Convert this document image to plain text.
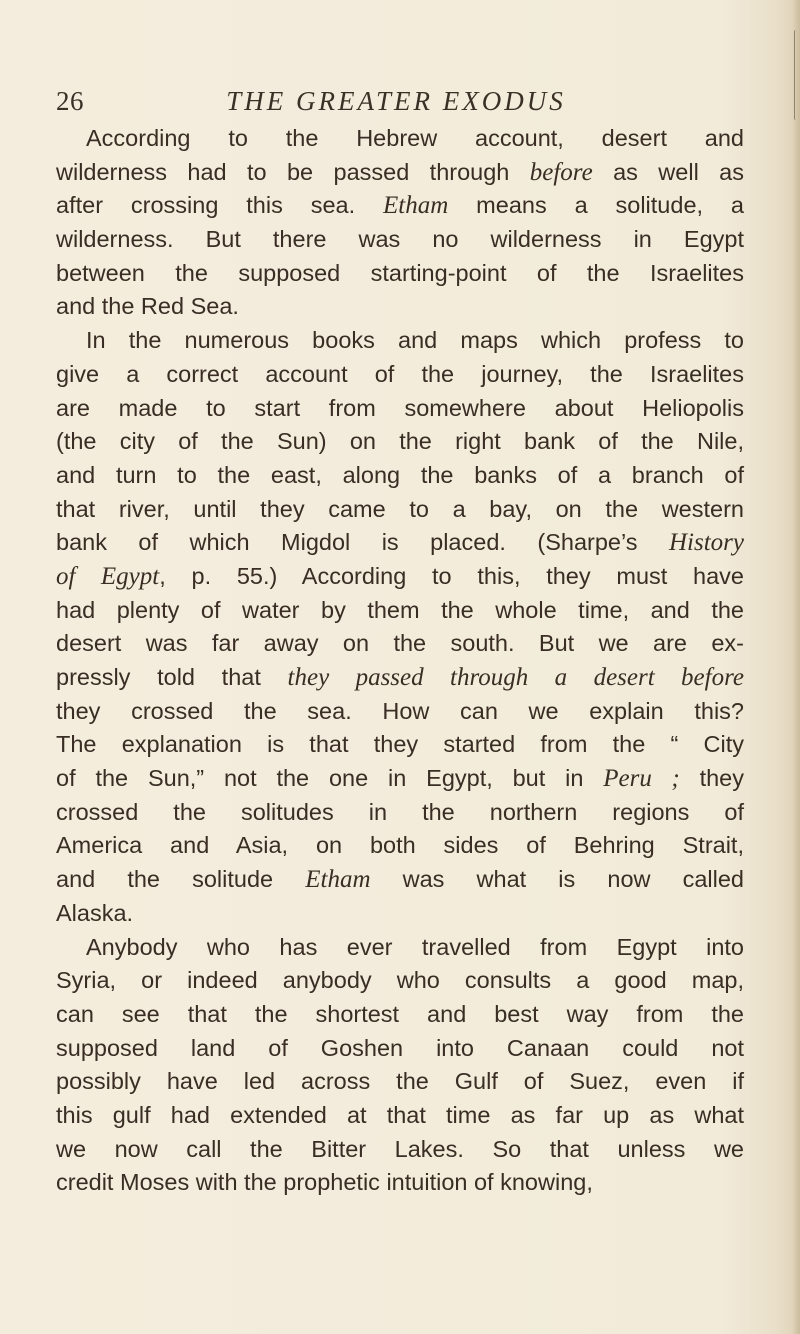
26	THE GREATER EXODUS
According to the Hebrew account, desert and
wilderness had to be passed through before as well as
after crossing this sea. Etham means a solitude, a
wilderness. But there was no wilderness in Egypt
between the supposed starting-point of the Israelites
and the Red Sea.
In the numerous books and maps which profess to
give a correct account of the journey, the Israelites
are made to start from somewhere about Heliopolis
(the city of the Sun) on the right bank of the Nile,
and turn to the east, along the banks of a branch of
that river, until they came to a bay, on the western
bank of which Migdol is placed. (Sharpe’s History
of Egypt, p. 55.) According to this, they must have
had plenty of water by them the whole time, and the
desert was far away on the south. But we are ex-
pressly told that they passed through a desert before
they crossed the sea. How can we explain this?
The explanation is that they started from the “ City
of the Sun,” not the one in Egypt, but in Peru ; they
crossed the solitudes in the northern regions of
America and Asia, on both sides of Behring Strait,
and the solitude Etham was what is now called
Alaska.
Anybody who has ever travelled from Egypt into
Syria, or indeed anybody who consults a good map,
can see that the shortest and best way from the
supposed land of Goshen into Canaan could not
possibly have led across the Gulf of Suez, even if
this gulf had extended at that time as far up as what
we now call the Bitter Lakes. So that unless we
credit Moses with the prophetic intuition of knowing,
